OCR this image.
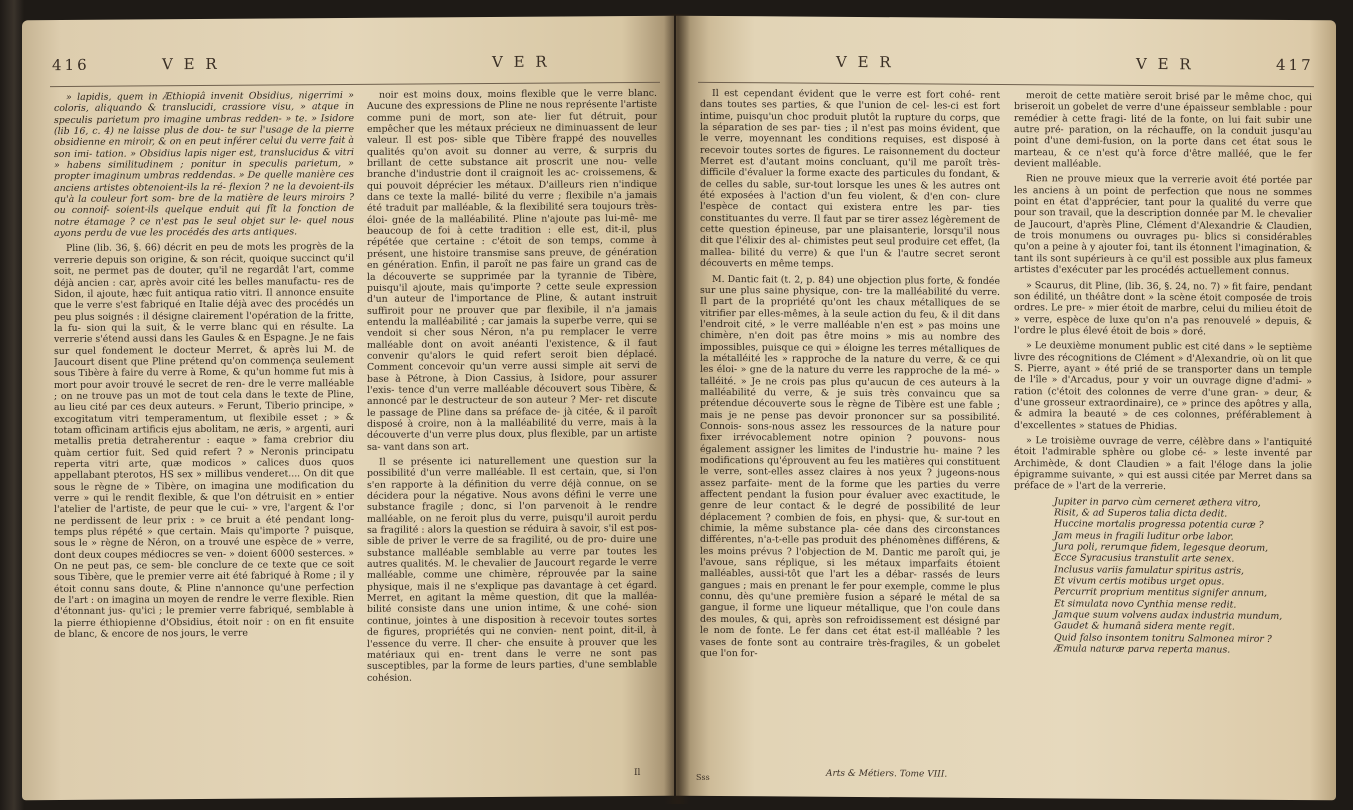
416	V E R	V E R

» lapidis, quem in Æthiopiâ invenit Obsidius, nigerrimi » coloris, aliquando & translucidi, crassiore visu, » atque in speculis parietum pro imagine umbras redden- » te. » Isidore (lib 16, c. 4) ne laisse plus de dou- te sur l'usage de la pierre obsidienne en miroir, & on en peut inférer celui du verre fait à son imi- tation. » Obsidius lapis niger est, translucidus & vitri » habens similitudinem ; ponitur in speculis parietum, » propter imaginum umbras reddendas. » De quelle manière ces anciens artistes obtenoient-ils la ré- flexion ? ne la devoient-ils qu'à la couleur fort som- bre de la matière de leurs miroirs ? ou connoif- soient-ils quelque enduit qui fît la fonction de notre étamage ? ce n'est pas le seul objet sur le- quel nous ayons perdu de vue les procédés des arts antiques.

Pline (lib. 36, §. 66) décrit en peu de mots les progrès de la verrerie depuis son origine, & son récit, quoique succinct qu'il soit, ne permet pas de douter, qu'il ne regardât l'art, comme déjà ancien : car, après avoir cité les belles manufactu- res de Sidon, il ajoute, hæc fuit antiqua ratio vitri. Il annonce ensuite que le verre s'est fabriqué en Italie déjà avec des procédés un peu plus soignés : il désigne clairement l'opération de la fritte, la fu- sion qui la suit, & le verre blanc qui en résulte. La verrerie s'étend aussi dans les Gaules & en Espagne. Je ne fais sur quel fondement le docteur Merret, & après lui M. de Jaucourt disent que Pline prétend qu'on commença seulement sous Tibère à faire du verre à Rome, & qu'un homme fut mis à mort pour avoir trouvé le secret de ren- dre le verre malléable ; on ne trouve pas un mot de tout cela dans le texte de Pline, au lieu cité par ces deux auteurs. » Ferunt, Tiberio principe, » excogitatum vitri temperamentum, ut flexibile esset ; » & totam officinam artificis ejus abolitam, ne æris, » argenti, auri metallis pretia detraherentur : eaque » fama crebrior diu quàm certior fuit. Sed quid refert ? » Neronis principatu reperta vitri arte, quæ modicos » calices duos quos appellabant pterotos, HS sex » millibus venderet.... On dit que sous le règne de » Tibère, on imagina une modification du verre » qui le rendit flexible, & que l'on détruisit en » entier l'atelier de l'artiste, de peur que le cui- » vre, l'argent & l'or ne perdissent de leur prix : » ce bruit a été pendant long-temps plus répété » que certain. Mais qu'importe ? puisque, sous le » règne de Néron, on a trouvé une espèce de » verre, dont deux coupes médiocres se ven- » doient 6000 sesterces. » On ne peut pas, ce sem- ble conclure de ce texte que ce soit sous Tibère, que le premier verre ait été fabriqué à Rome ; il y étoit connu sans doute, & Pline n'annonce qu'une perfection de l'art : on imagina un moyen de rendre le verre flexible. Rien d'étonnant jus- qu'ici ; le premier verre fabriqué, semblable à la pierre éthiopienne d'Obsidius, étoit noir : on en fit ensuite de blanc, & encore de nos jours, le verre

noir est moins doux, moins flexible que le verre blanc. Aucune des expressions de Pline ne nous représente l'artiste comme puni de mort, son ate- lier fut détruit, pour empêcher que les métaux précieux ne diminuassent de leur valeur. Il est pos- sible que Tibère frappé des nouvelles qualités qu'on avoit su donner au verre, & surpris du brillant de cette substance ait proscrit une nou- velle branche d'industrie dont il craignoit les ac- croissemens, & qui pouvoit déprécier les métaux. D'ailleurs rien n'indique dans ce texte la mallé- bilité du verre ; flexibile n'a jamais été traduit par malléable, & la flexibilité sera toujours très-éloi- gnée de la malléabilité. Pline n'ajoute pas lui-mê- me beaucoup de foi à cette tradition : elle est, dit-il, plus répétée que certaine : c'étoit de son temps, comme à présent, une histoire transmise sans preuve, de génération en génération. Enfin, il paroît ne pas faire un grand cas de la découverte se supprimée par la tyrannie de Tibère, puisqu'il ajoute, mais qu'importe ? cette seule expression d'un auteur de l'importance de Pline, & autant instruit suffiroit pour ne prouver que par flexibile, il n'a jamais entendu la malléabilité ; car jamais la superbe verre, qui se vendoit si cher sous Néron, n'a pu remplacer le verre malléable dont on avoit anéanti l'existence, & il faut convenir qu'alors le quid refert seroit bien déplacé. Comment concevoir qu'un verre aussi simple ait servi de base à Pétrone, à Dion Cassius, à Isidore, pour assurer l'exis- tence d'un verre malléable découvert sous Tibère, & annoncé par le destructeur de son auteur ? Mer- ret discute le passage de Pline dans sa préface de- jà citée, & il paroît disposé à croire, non à la malléabilité du verre, mais à la découverte d'un verre plus doux, plus flexible, par un artiste sa- vant dans son art.

Il se présente ici naturellement une question sur la possibilité d'un verre malléable. Il est certain, que, si l'on s'en rapporte à la définition du verre déjà connue, on se décidera pour la négative. Nous avons défini le verre une substance fragile ; donc, si l'on parvenoit à le rendre malléable, on ne feroit plus du verre, puisqu'il auroit perdu sa fragilité : alors la question se réduira à savoir, s'il est pos- sible de priver le verre de sa fragilité, ou de pro- duire une substance malléable semblable au verre par toutes les autres qualités. M. le chevalier de Jaucourt regarde le verre malléable, comme une chimère, réprouvée par la saine physique, mais il ne s'explique pas davantage à cet égard. Merret, en agitant la même question, dit que la malléa- bilité consiste dans une union intime, & une cohé- sion continue, jointes à une disposition à recevoir toutes sortes de figures, propriétés qui ne convien- nent point, dit-il, à l'essence du verre. Il cher- che ensuite à prouver que les matériaux qui en- trent dans le verre ne sont pas susceptibles, par la forme de leurs parties, d'une semblable cohésion.

Il
V E R	V E R	417

Il est cependant évident que le verre est fort cohé- rent dans toutes ses parties, & que l'union de cel- les-ci est fort intime, puisqu'un choc produit plutôt la rupture du corps, que la séparation de ses par- ties ; il n'est pas moins évident, que le verre, moyennant les conditions requises, est disposé à recevoir toutes sortes de figures. Le raisonnement du docteur Merret est d'autant moins concluant, qu'il me paroît très-difficile d'évaluer la forme exacte des particules du fondant, & de celles du sable, sur-tout lorsque les unes & les autres ont été exposées à l'action d'un feu violent, & d'en con- clure l'espèce de contact qui existera entre les par- ties constituantes du verre. Il faut par se tirer assez légèrement de cette question épineuse, par une plaisanterie, lorsqu'il nous dit que l'élixir des al- chimistes peut seul produire cet effet, (la mallea- bilité du verre) & que l'un & l'autre secret seront découverts en même temps.

M. Dantic fait (t. 2, p. 84) une objection plus forte, & fondée sur une plus saine physique, con- tre la malléabilité du verre. Il part de la propriété qu'ont les chaux métalliques de se vitrifier par elles-mêmes, à la seule action du feu, & il dit dans l'endroit cité, » le verre malléable n'en est » pas moins une chimère, n'en doit pas être moins » mis au nombre des impossibles, puisque ce qui » éloigne les terres métalliques de la métalléité les » rapproche de la nature du verre, & ce qui les éloi- » gne de la nature du verre les rapproche de la mé- » talléité. » Je ne crois pas plus qu'aucun de ces auteurs à la malléabilité du verre, & je suis très convaincu que sa prétendue découverte sous le règne de Tibère est une fable ; mais je ne pense pas devoir prononcer sur sa possibilité. Connois- sons-nous assez les ressources de la nature pour fixer irrévocablement notre opinion ? pouvons- nous également assigner les limites de l'industrie hu- maine ? les modifications qu'éprouvent au feu les matières qui constituent le verre, sont-elles assez claires à nos yeux ? jugeons-nous assez parfaite- ment de la forme que les parties du verre affectent pendant la fusion pour évaluer avec exactitude, le genre de leur contact & le degré de possibilité de leur déplacement ? combien de fois, en physi- que, & sur-tout en chimie, la même substance pla- cée dans des circonstances différentes, n'a-t-elle pas produit des phénomènes différens, & les moins prévus ? l'objection de M. Dantic me paroît qui, je l'avoue, sans réplique, si les métaux imparfaits étoient malléables, aussi-tôt que l'art les a débar- rassés de leurs gangues ; mais en prenant le fer pour exemple, comme le plus connu, dès qu'une première fusion a séparé le métal de sa gangue, il forme une liqueur métallique, que l'on coule dans des moules, & qui, après son refroidissement est désigné par le nom de fonte. Le fer dans cet état est-il malléable ? les vases de fonte sont au contraire très-fragiles, & un gobelet que l'on for-

meroit de cette matière seroit brisé par le même choc, qui briseroit un gobelet de verre d'une épaisseur semblable : pour remédier à cette fragi- lité de la fonte, on lui fait subir une autre pré- paration, on la réchauffe, on la conduit jusqu'au point d'une demi-fusion, on la porte dans cet état sous le marteau, & ce n'est qu'à force d'être malléé, que le fer devient malléable.

Rien ne prouve mieux que la verrerie avoit été portée par les anciens à un point de perfection que nous ne sommes point en état d'apprécier, tant pour la qualité du verre que pour son travail, que la description donnée par M. le chevalier de Jaucourt, d'après Pline, Clément d'Alexandrie & Claudien, de trois monumens ou ouvrages pu- blics si considérables qu'on a peine à y ajouter foi, tant ils étonnent l'imagination, & tant ils sont supérieurs à ce qu'il est possible aux plus fameux artistes d'exécuter par les procédés actuellement connus.

» Scaurus, dit Pline, (lib. 36, §. 24, no. 7) » fit faire, pendant son édilité, un théâtre dont » la scène étoit composée de trois ordres. Le pre- » mier étoit de marbre, celui du milieu étoit de » verre, espèce de luxe qu'on n'a pas renouvelé » depuis, & l'ordre le plus élevé étoit de bois » doré.

» Le deuxième monument public est cité dans » le septième livre des récognitions de Clément » d'Alexandrie, où on lit que S. Pierre, ayant » été prié de se transporter dans un temple de l'île » d'Arcadus, pour y voir un ouvrage digne d'admi- » ration (c'étoit des colonnes de verre d'une gran- » deur, & d'une grosseur extraordinaire), ce » prince des apôtres y alla, & admira la beauté » de ces colonnes, préférablement à d'excellentes » statues de Phidias.

» Le troisième ouvrage de verre, célèbre dans » l'antiquité étoit l'admirable sphère ou globe cé- » leste inventé par Archimède, & dont Claudien » a fait l'éloge dans la jolie épigramme suivante, » qui est aussi citée par Merret dans sa préface de » l'art de la verrerie.

Jupiter in parvo cùm cerneret æthera vitro,
Risit, & ad Superos talia dicta dedit.
Huccine mortalis progressa potentia curæ ?
Jam meus in fragili luditur orbe labor.
Jura poli, rerumque fidem, legesque deorum,
Ecce Syracusius transtulit arte senex.
Inclusus variis famulatur spiritus astris,
Et vivum certis motibus urget opus.
Percurrit proprium mentitus signifer annum,
Et simulata novo Cynthia mense redit.
Jamque suum volvens audax industria mundum,
Gaudet & humanâ sidera mente regit.
Quid falso insontem tonitru Salmonea miror ?
Æmula naturæ parva reperta manus.
Arts & Métiers. Tome VIII.
Sss
